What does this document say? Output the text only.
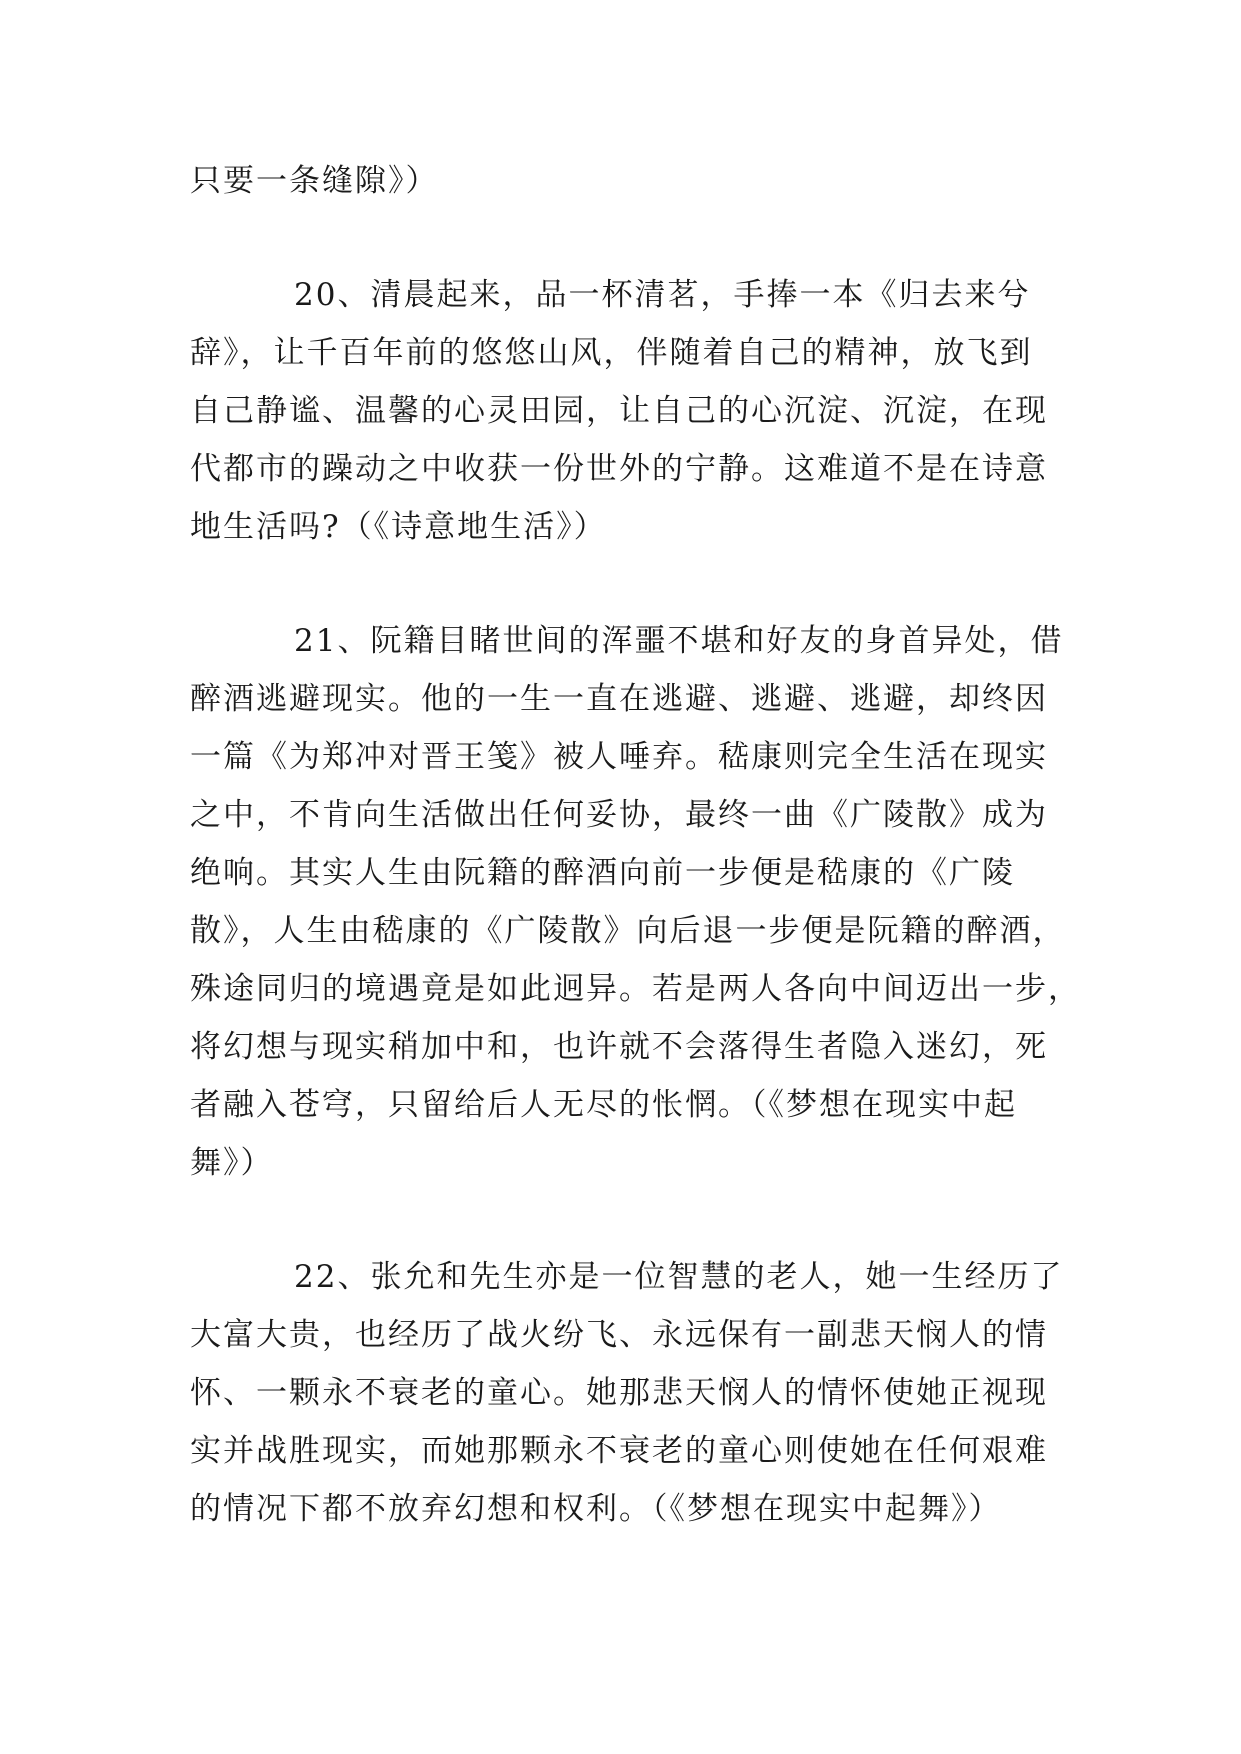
只要一条缝隙》）
20、清晨起来，品一杯清茗，手捧一本《归去来兮
辞》，让千百年前的悠悠山风，伴随着自己的精神，放飞到
自己静谧、温馨的心灵田园，让自己的心沉淀、沉淀，在现
代都市的躁动之中收获一份世外的宁静。这难道不是在诗意
地生活吗?（《诗意地生活》）
21、阮籍目睹世间的浑噩不堪和好友的身首异处，借
醉酒逃避现实。他的一生一直在逃避、逃避、逃避，却终因
一篇《为郑冲对晋王笺》被人唾弃。嵇康则完全生活在现实
之中，不肯向生活做出任何妥协，最终一曲《广陵散》成为
绝响。其实人生由阮籍的醉酒向前一步便是嵇康的《广陵
散》，人生由嵇康的《广陵散》向后退一步便是阮籍的醉酒，
殊途同归的境遇竟是如此迥异。若是两人各向中间迈出一步，
将幻想与现实稍加中和，也许就不会落得生者隐入迷幻，死
者融入苍穹，只留给后人无尽的怅惘。（《梦想在现实中起
舞》）
22、张允和先生亦是一位智慧的老人，她一生经历了
大富大贵，也经历了战火纷飞、永远保有一副悲天悯人的情
怀、一颗永不衰老的童心。她那悲天悯人的情怀使她正视现
实并战胜现实，而她那颗永不衰老的童心则使她在任何艰难
的情况下都不放弃幻想和权利。（《梦想在现实中起舞》）
